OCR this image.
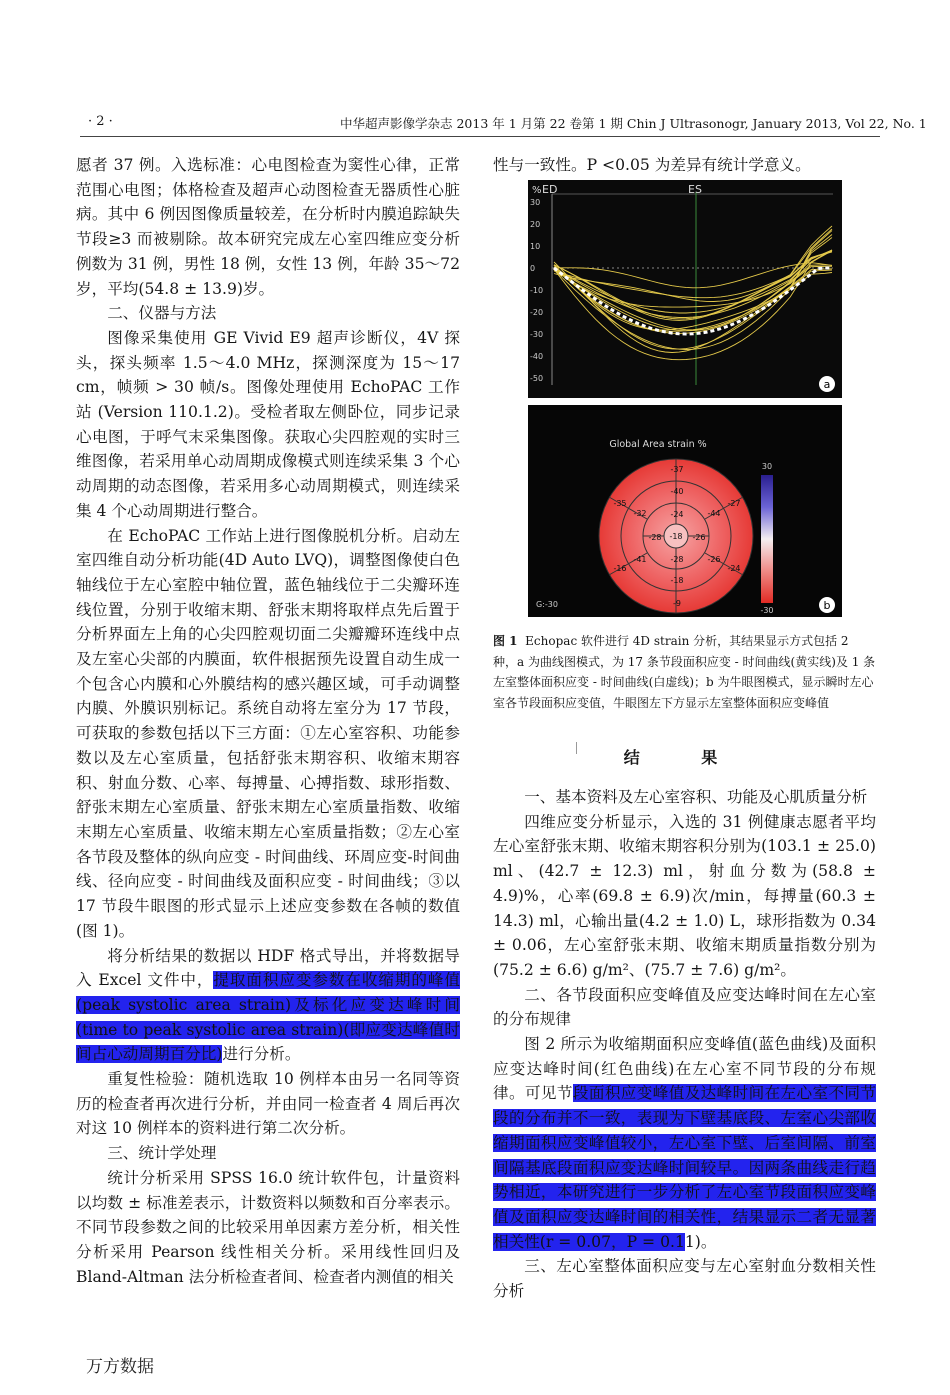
· 2 ·	中华超声影像学杂志 2013 年 1 月第 22 卷第 1 期 Chin J Ultrasonogr, January 2013, Vol 22, No. 1

愿者 37 例。入选标准：心电图检查为窦性心律，正常范围心电图；体格检查及超声心动图检查无器质性心脏病。其中 6 例因图像质量较差，在分析时内膜追踪缺失节段≥3 而被剔除。故本研究完成左心室四维应变分析例数为 31 例，男性 18 例，女性 13 例，年龄 35～72 岁，平均(54.8 ± 13.9)岁。

二、仪器与方法

图像采集使用 GE Vivid E9 超声诊断仪，4V 探头，探头频率 1.5～4.0 MHz，探测深度为 15～17 cm，帧频 > 30 帧/s。图像处理使用 EchoPAC 工作站 (Version 110.1.2)。受检者取左侧卧位，同步记录心电图，于呼气末采集图像。获取心尖四腔观的实时三维图像，若采用单心动周期成像模式则连续采集 3 个心动周期的动态图像，若采用多心动周期模式，则连续采集 4 个心动周期进行整合。

在 EchoPAC 工作站上进行图像脱机分析。启动左室四维自动分析功能(4D Auto LVQ)，调整图像使白色轴线位于左心室腔中轴位置，蓝色轴线位于二尖瓣环连线位置，分别于收缩末期、舒张末期将取样点先后置于分析界面左上角的心尖四腔观切面二尖瓣瓣环连线中点及左室心尖部的内膜面，软件根据预先设置自动生成一个包含心内膜和心外膜结构的感兴趣区域，可手动调整内膜、外膜识别标记。系统自动将左室分为 17 节段，可获取的参数包括以下三方面：①左心室容积、功能参数以及左心室质量，包括舒张末期容积、收缩末期容积、射血分数、心率、每搏量、心搏指数、球形指数、舒张末期左心室质量、舒张末期左心室质量指数、收缩末期左心室质量、收缩末期左心室质量指数；②左心室各节段及整体的纵向应变 - 时间曲线、环周应变-时间曲线、径向应变 - 时间曲线及面积应变 - 时间曲线；③以 17 节段牛眼图的形式显示上述应变参数在各帧的数值(图 1)。

将分析结果的数据以 HDF 格式导出，并将数据导入 Excel 文件中，提取面积应变参数在收缩期的峰值(peak systolic area strain)及标化应变达峰时间(time to peak systolic area strain)(即应变达峰值时间占心动周期百分比)进行分析。

重复性检验：随机选取 10 例样本由另一名同等资历的检查者再次进行分析，并由同一检查者 4 周后再次对这 10 例样本的资料进行第二次分析。

三、统计学处理

统计分析采用 SPSS 16.0 统计软件包，计量资料以均数 ± 标准差表示，计数资料以频数和百分率表示。不同节段参数之间的比较采用单因素方差分析，相关性分析采用 Pearson 线性相关分析。采用线性回归及 Bland-Altman 法分析检查者间、检查者内测值的相关

性与一致性。P <0.05 为差异有统计学意义。

% ED	ES
30
20
10
0
-10
-20
-30
-40
-50	a
Global Area strain %
-37
-27
-24
-9
-16
-35
-40
-44
-26
-18
-41
-32	-24
-26
-28
-28 -18
30
-30
G:-30	b
图 1 Echopac 软件进行 4D strain 分析，其结果显示方式包括 2 种，a 为曲线图模式，为 17 条节段面积应变 - 时间曲线(黄实线)及 1 条左室整体面积应变 - 时间曲线(白虚线)；b 为牛眼图模式，显示瞬时左心室各节段面积应变值，牛眼图左下方显示左室整体面积应变峰值
结 果

一、基本资料及左心室容积、功能及心肌质量分析

四维应变分析显示，入选的 31 例健康志愿者平均左心室舒张末期、收缩末期容积分别为(103.1 ± 25.0) ml、(42.7 ± 12.3) ml，射血分数为(58.8 ± 4.9)%，心率(69.8 ± 6.9)次/min，每搏量(60.3 ± 14.3) ml，心输出量(4.2 ± 1.0) L，球形指数为 0.34 ± 0.06，左心室舒张末期、收缩末期质量指数分别为(75.2 ± 6.6) g/m²、(75.7 ± 7.6) g/m²。

二、各节段面积应变峰值及应变达峰时间在左心室的分布规律

图 2 所示为收缩期面积应变峰值(蓝色曲线)及面积应变达峰时间(红色曲线)在左心室不同节段的分布规律。可见节段面积应变峰值及达峰时间在左心室不同节段的分布并不一致，表现为下壁基底段、左室心尖部收缩期面积应变峰值较小，左心室下壁、后室间隔、前室间隔基底段面积应变达峰时间较早。因两条曲线走行趋势相近，本研究进行一步分析了左心室节段面积应变峰值及面积应变达峰时间的相关性，结果显示二者无显著相关性(r = 0.07，P = 0.11)。

三、左心室整体面积应变与左心室射血分数相关性分析

万方数据
